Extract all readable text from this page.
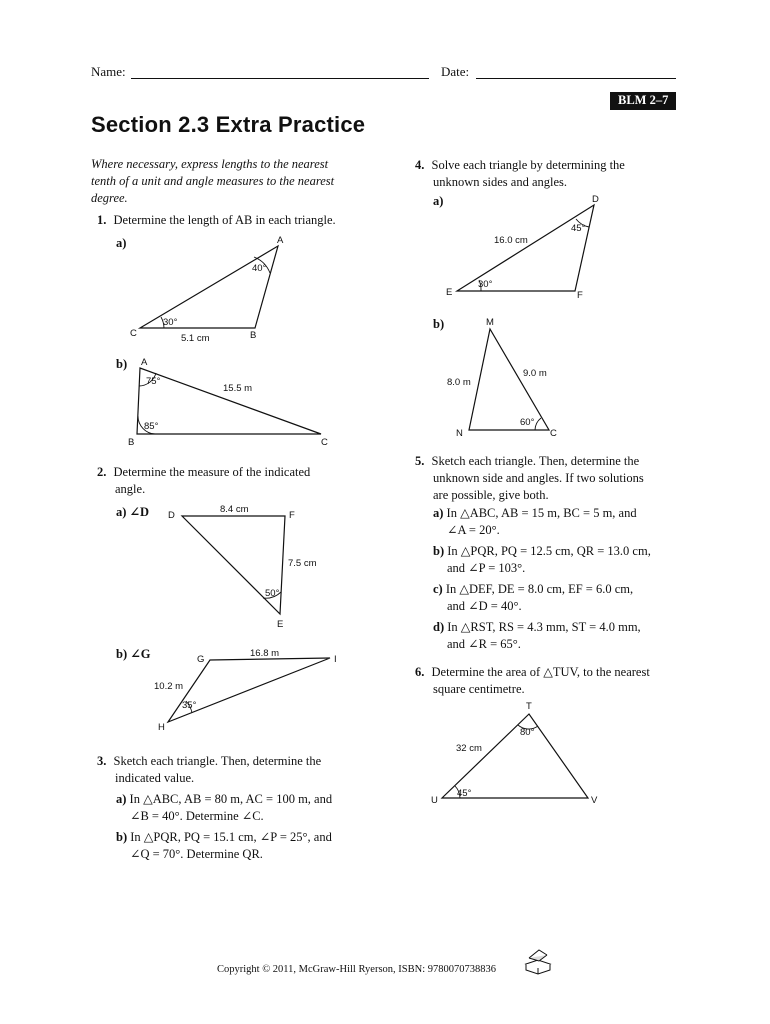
Name:	Date:
BLM 2–7
Section 2.3 Extra Practice
Where necessary, express lengths to the nearest
tenth of a unit and angle measures to the nearest
degree.
1. Determine the length of AB in each triangle.
a)	A
B
C
40°
30°
5.1 cm
b) A
B	C
75°
85°
15.5 m
2. Determine the measure of the indicated
angle.
a) ∠D D	F
E
8.4 cm
7.5 cm
50°
b) ∠G	G	I
H
16.8 m
10.2 m
35°
3. Sketch each triangle. Then, determine the
indicated value.
a) In △ABC, AB = 80 m, AC = 100 m, and
∠B = 40°. Determine ∠C.
b) In △PQR, PQ = 15.1 cm, ∠P = 25°, and
∠Q = 70°. Determine QR.
4. Solve each triangle by determining the
unknown sides and angles.
a)	D
E	F
16.0 cm
45°
30°
b)	M
N	C
8.0 m
9.0 m
60°
5. Sketch each triangle. Then, determine the
unknown side and angles. If two solutions
are possible, give both.
a) In △ABC, AB = 15 m, BC = 5 m, and
∠A = 20°.
b) In △PQR, PQ = 12.5 cm, QR = 13.0 cm,
and ∠P = 103°.
c) In △DEF, DE = 8.0 cm, EF = 6.0 cm,
and ∠D = 40°.
d) In △RST, RS = 4.3 mm, ST = 4.0 mm,
and ∠R = 65°.
6. Determine the area of △TUV, to the nearest
square centimetre.
T
U	V
32 cm
80°
45°
Copyright © 2011, McGraw-Hill Ryerson, ISBN: 9780070738836
